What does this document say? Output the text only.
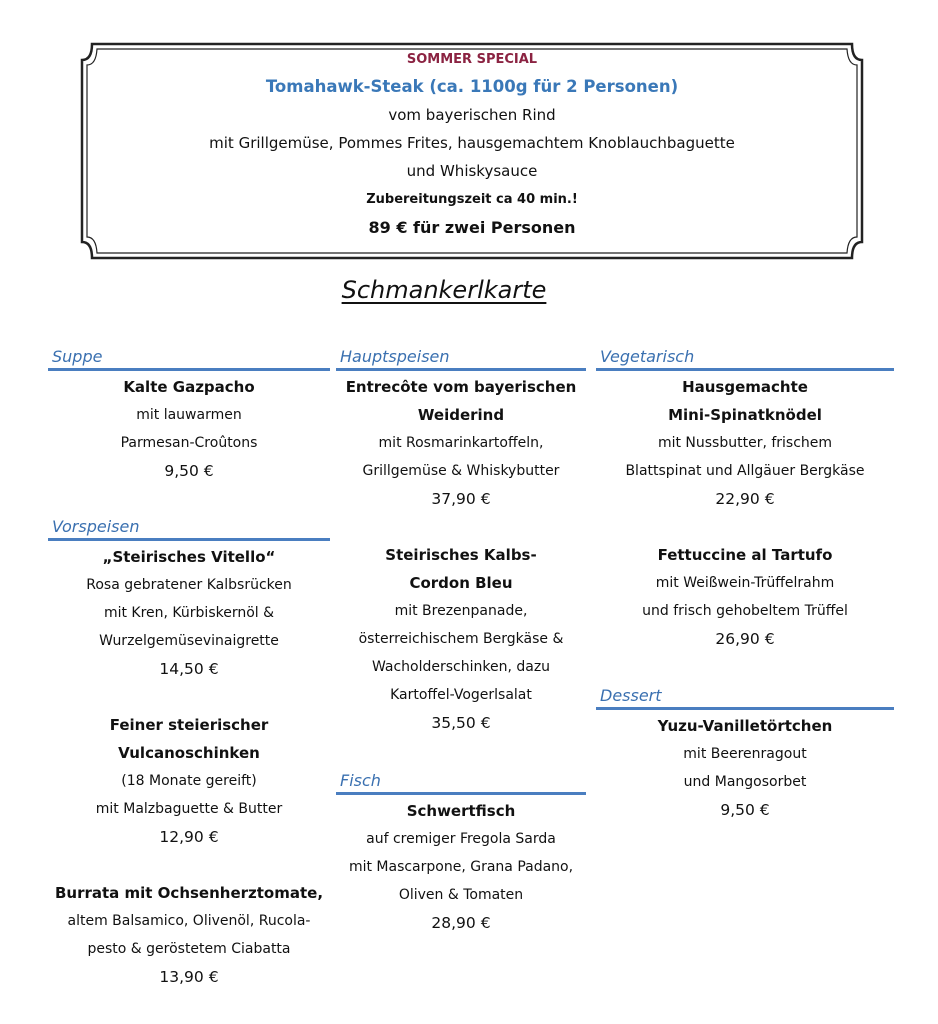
SOMMER SPECIAL
Tomahawk-Steak (ca. 1100g für 2 Personen)
vom bayerischen Rind
mit Grillgemüse, Pommes Frites, hausgemachtem Knoblauchbaguette
und Whiskysauce
Zubereitungszeit ca 40 min.!
89 € für zwei Personen
Schmankerlkarte
Suppe
Kalte Gazpacho
mit lauwarmen
Parmesan-Croûtons
9,50 €
Vorspeisen
„Steirisches Vitello“
Rosa gebratener Kalbsrücken
mit Kren, Kürbiskernöl &
Wurzelgemüsevinaigrette
14,50 €
Feiner steierischer
Vulcanoschinken
(18 Monate gereift)
mit Malzbaguette & Butter
12,90 €
Burrata mit Ochsenherztomate,
altem Balsamico, Olivenöl, Rucola-
pesto & geröstetem Ciabatta
13,90 €
Hauptspeisen
Entrecôte vom bayerischen
Weiderind
mit Rosmarinkartoffeln,
Grillgemüse & Whiskybutter
37,90 €
Steirisches Kalbs-
Cordon Bleu
mit Brezenpanade,
österreichischem Bergkäse &
Wacholderschinken, dazu
Kartoffel-Vogerlsalat
35,50 €
Fisch
Schwertfisch
auf cremiger Fregola Sarda
mit Mascarpone, Grana Padano,
Oliven & Tomaten
28,90 €
Vegetarisch
Hausgemachte
Mini-Spinatknödel
mit Nussbutter, frischem
Blattspinat und Allgäuer Bergkäse
22,90 €
Fettuccine al Tartufo
mit Weißwein-Trüffelrahm
und frisch gehobeltem Trüffel
26,90 €
Dessert
Yuzu-Vanilletörtchen
mit Beerenragout
und Mangosorbet
9,50 €
